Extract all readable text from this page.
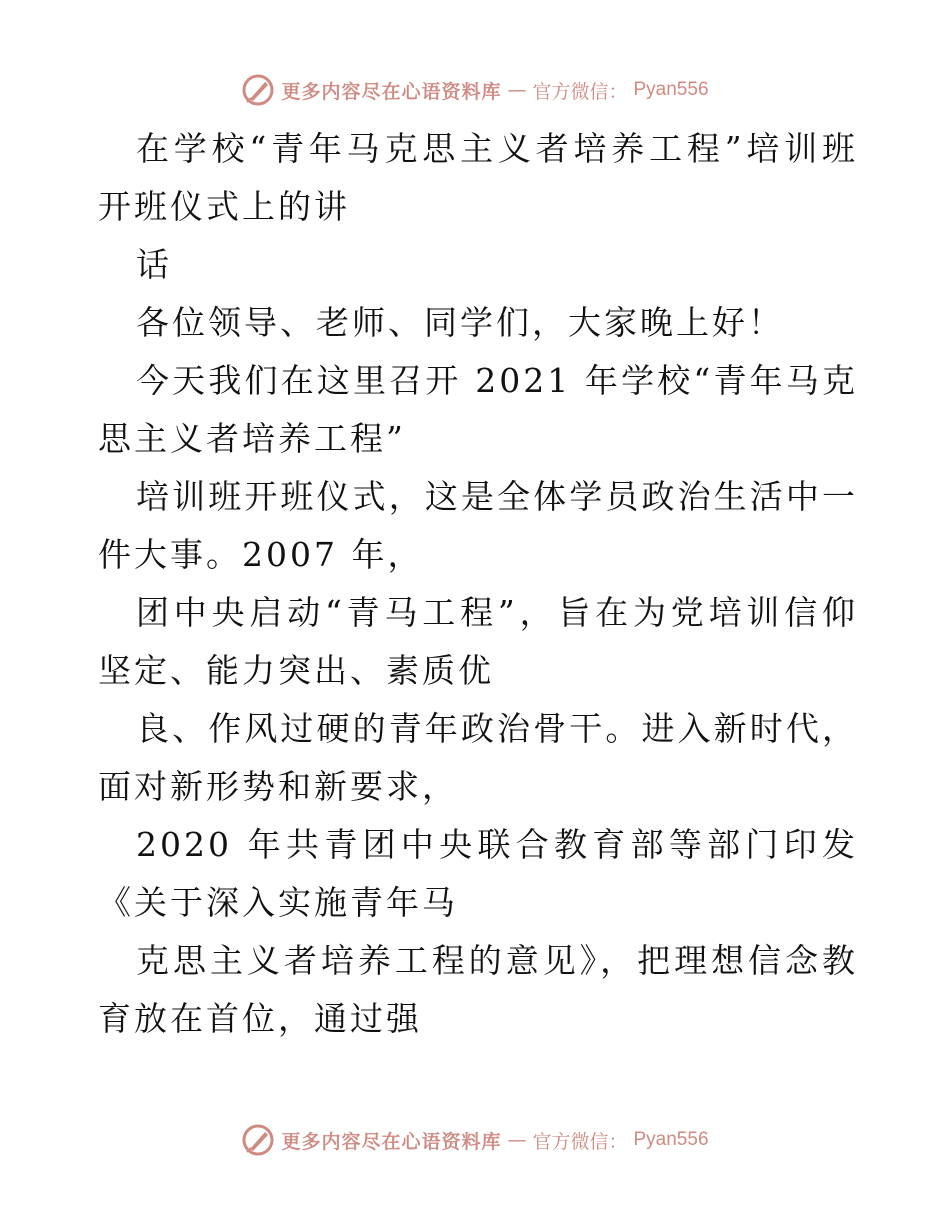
更多内容尽在心语资料库 — 官方微信： Pyan556

在学校“青年马克思主义者培养工程”培训班开班仪式上的讲

话

各位领导、老师、同学们，大家晚上好！

今天我们在这里召开 2021 年学校“青年马克思主义者培养工程”

培训班开班仪式，这是全体学员政治生活中一件大事。2007 年，

团中央启动“青马工程”，旨在为党培训信仰坚定、能力突出、素质优

良、作风过硬的青年政治骨干。进入新时代，面对新形势和新要求，

2020 年共青团中央联合教育部等部门印发《关于深入实施青年马

克思主义者培养工程的意见》，把理想信念教育放在首位，通过强

更多内容尽在心语资料库 — 官方微信： Pyan556
